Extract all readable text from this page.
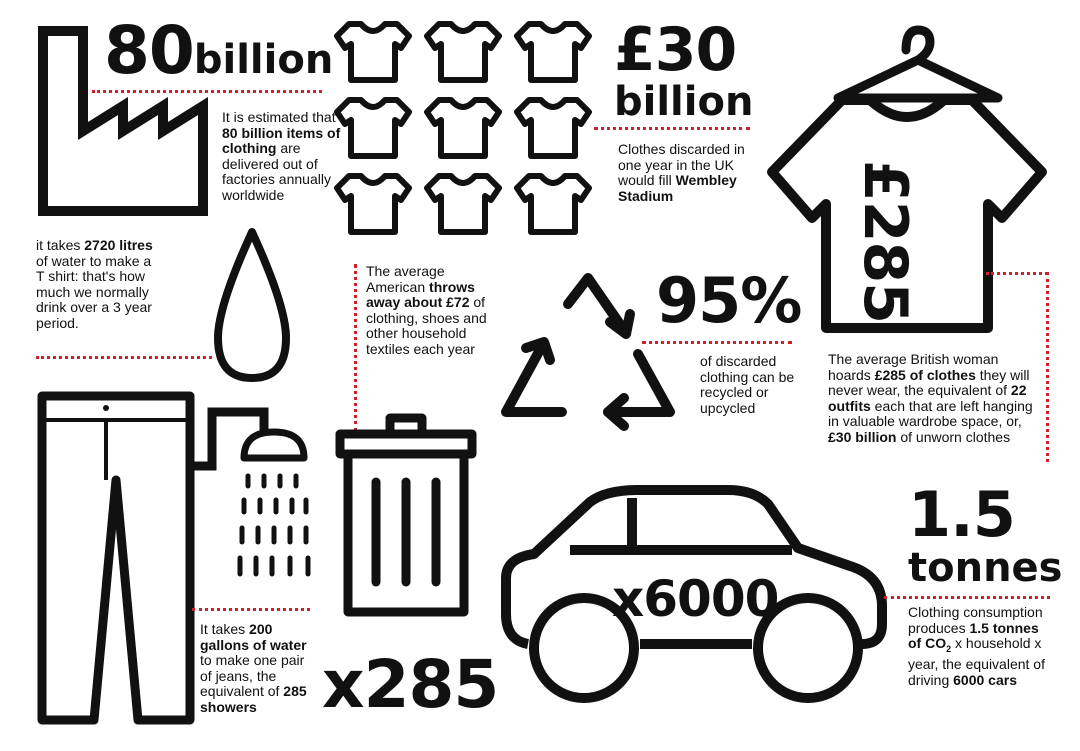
80billion
It is estimated that 80 billion items of clothing are delivered out of factories annually worldwide
£30
billion
Clothes discarded in one year in the UK would fill Wembley Stadium	£285
The average British woman hoards £285 of clothes they will never wear, the equivalent of 22 outfits each that are left hanging in valuable wardrobe space, or, £30 billion of unworn clothes
it takes 2720 litres of water to make a T shirt: that's how much we normally drink over a 3 year period.
The average American throws away about £72 of clothing, shoes and other household textiles each year
95%
of discarded clothing can be recycled or upcycled
It takes 200 gallons of water to make one pair of jeans, the equivalent of 285 showers x285
x6000
1.5
tonnes
Clothing consumption produces 1.5 tonnes of $CO_2$ x household x year, the equivalent of driving 6000 cars
